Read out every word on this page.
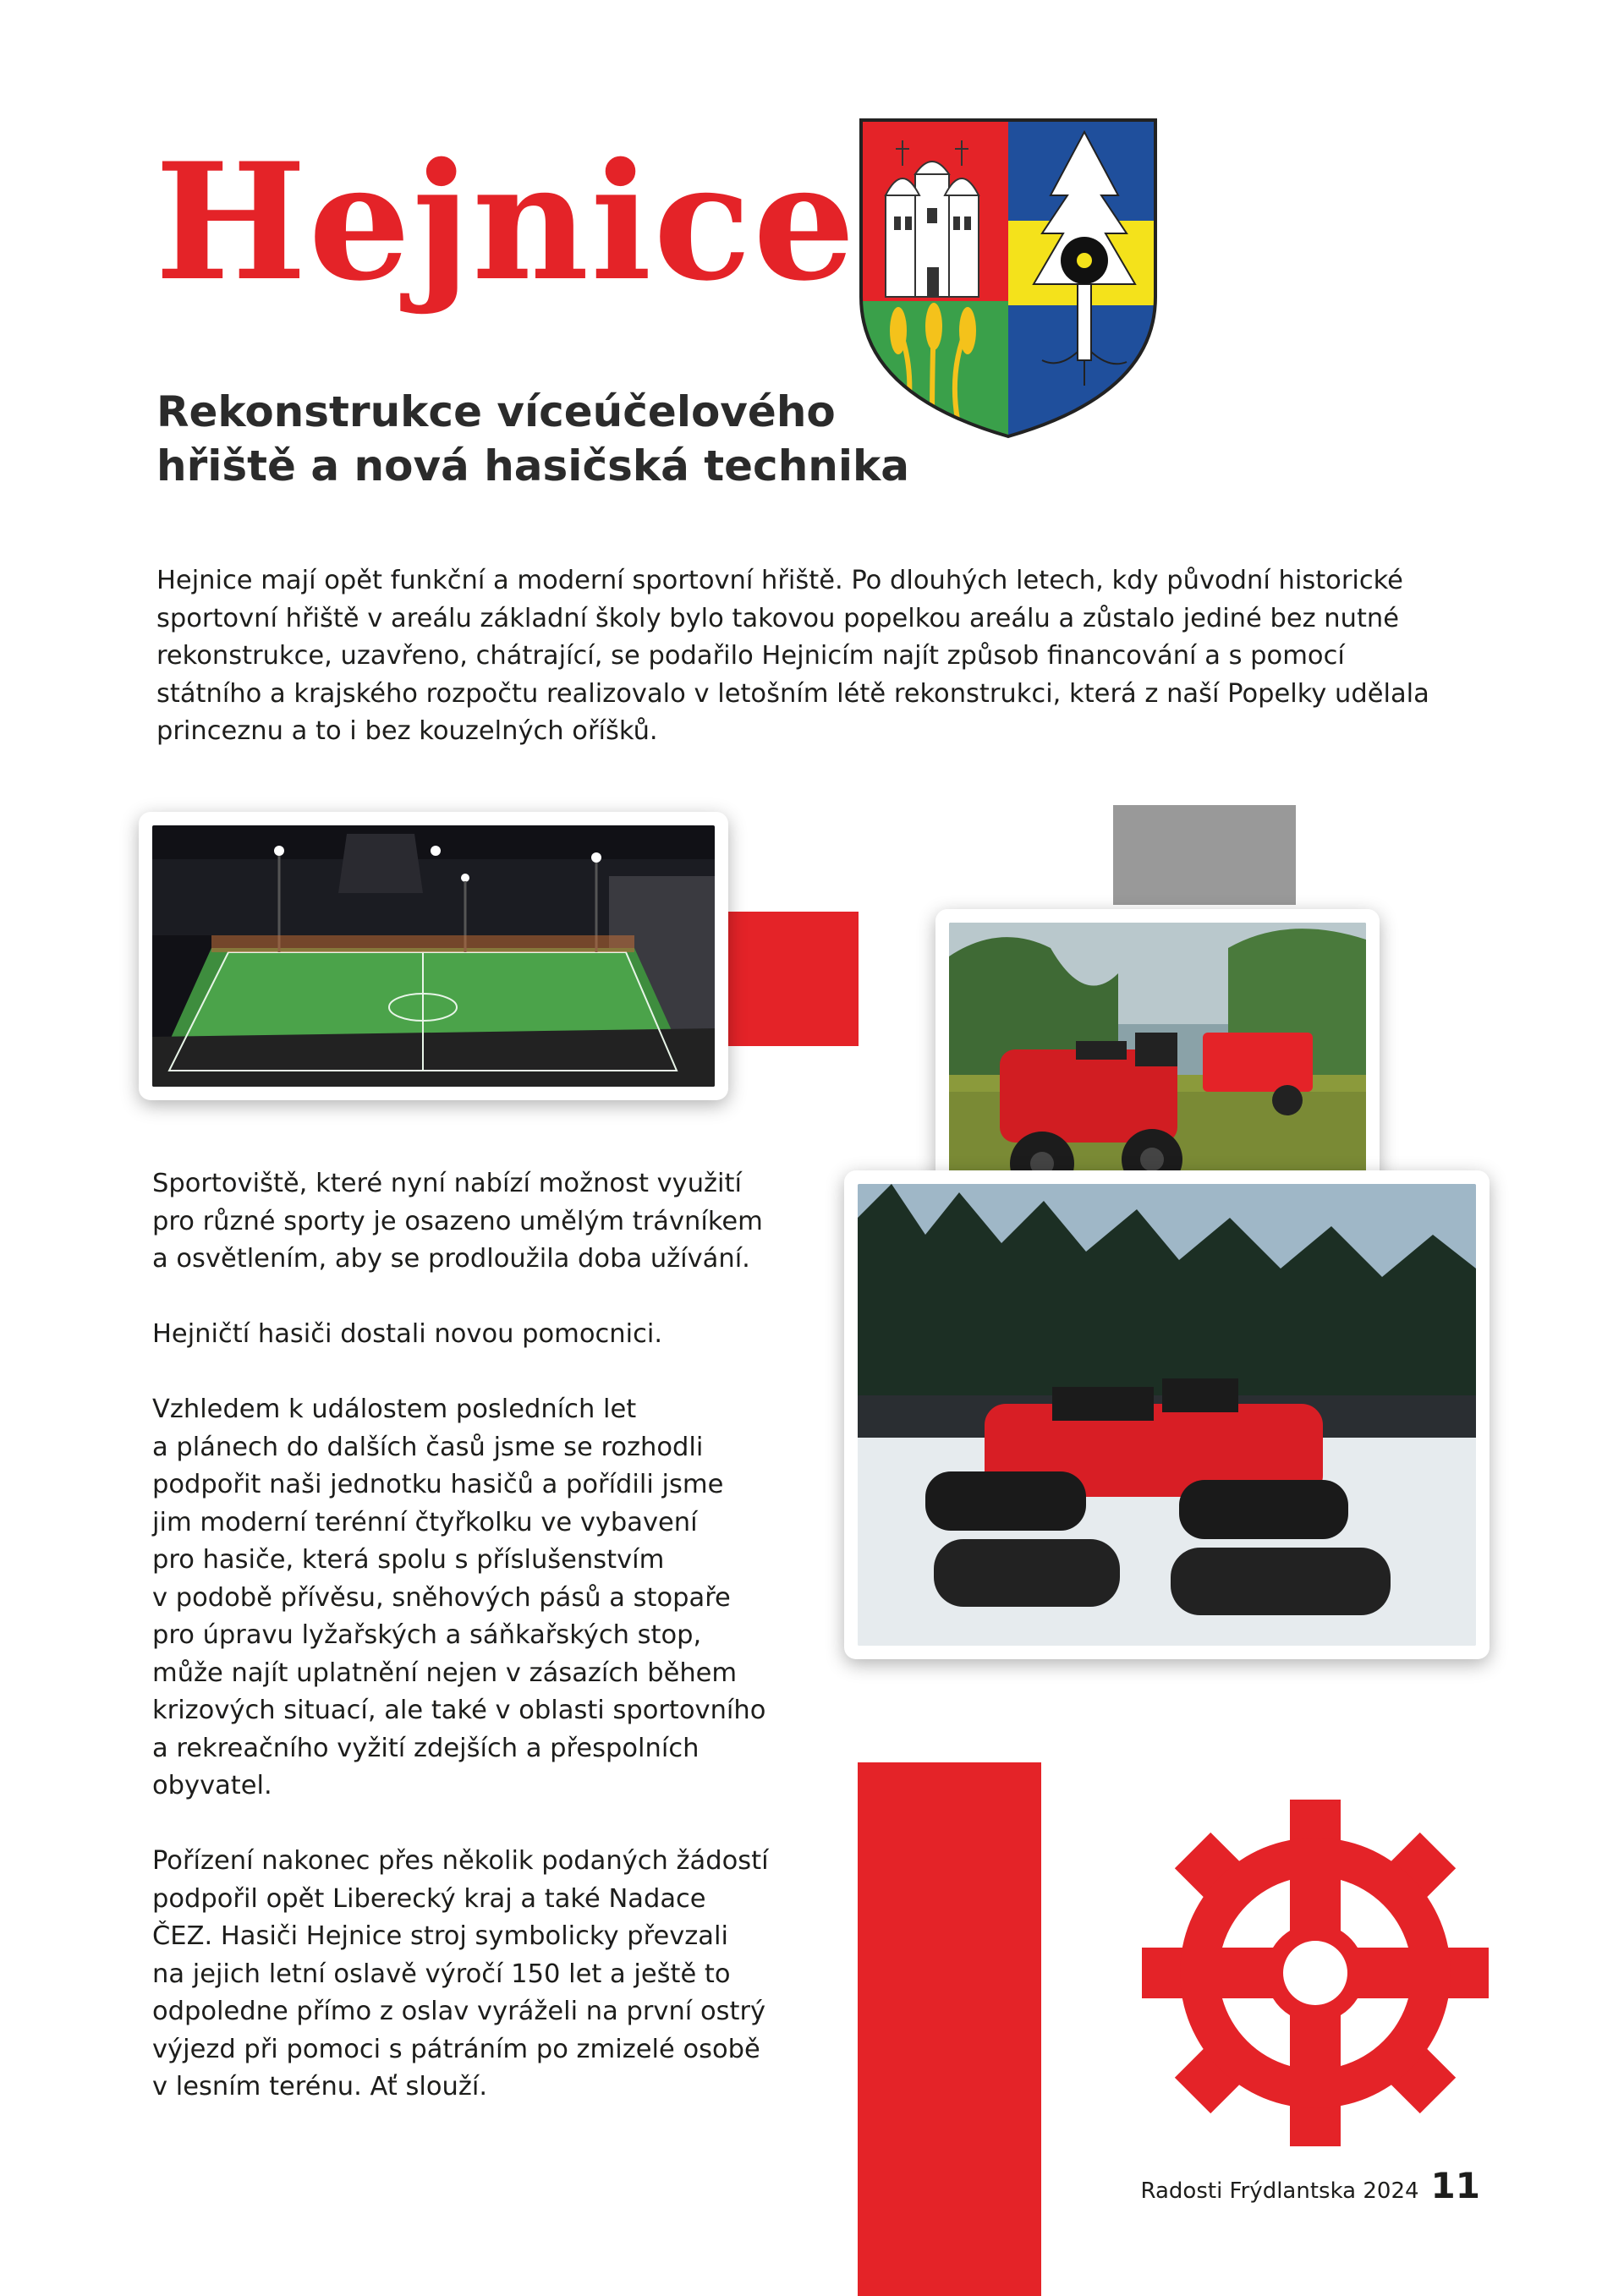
Hejnice
Rekonstrukce víceúčelového
hřiště a nová hasičská technika

Hejnice mají opět funkční a moderní sportovní hřiště. Po dlouhých letech, kdy původní historické
sportovní hřiště v areálu základní školy bylo takovou popelkou areálu a zůstalo jediné bez nutné
rekonstrukce, uzavřeno, chátrající, se podařilo Hejnicím najít způsob financování a s pomocí
státního a krajského rozpočtu realizovalo v letošním létě rekonstrukci, která z naší Popelky udělala
princeznu a to i bez kouzelných oříšků.

Sportoviště, které nyní nabízí možnost využití
pro různé sporty je osazeno umělým trávníkem
a osvětlením, aby se prodloužila doba užívání.

Hejničtí hasiči dostali novou pomocnici.

Vzhledem k událostem posledních let
a plánech do dalších časů jsme se rozhodli
podpořit naši jednotku hasičů a pořídili jsme
jim moderní terénní čtyřkolku ve vybavení
pro hasiče, která spolu s příslušenstvím
v podobě přívěsu, sněhových pásů a stopaře
pro úpravu lyžařských a sáňkařských stop,
může najít uplatnění nejen v zásazích během
krizových situací, ale také v oblasti sportovního
a rekreačního vyžití zdejších a přespolních
obyvatel.

Pořízení nakonec přes několik podaných žádostí
podpořil opět Liberecký kraj a také Nadace
ČEZ. Hasiči Hejnice stroj symbolicky převzali
na jejich letní oslavě výročí 150 let a ještě to
odpoledne přímo z oslav vyráželi na první ostrý
výjezd při pomoci s pátráním po zmizelé osobě
v lesním terénu. Ať slouží.

Radosti Frýdlantska 2024 11
